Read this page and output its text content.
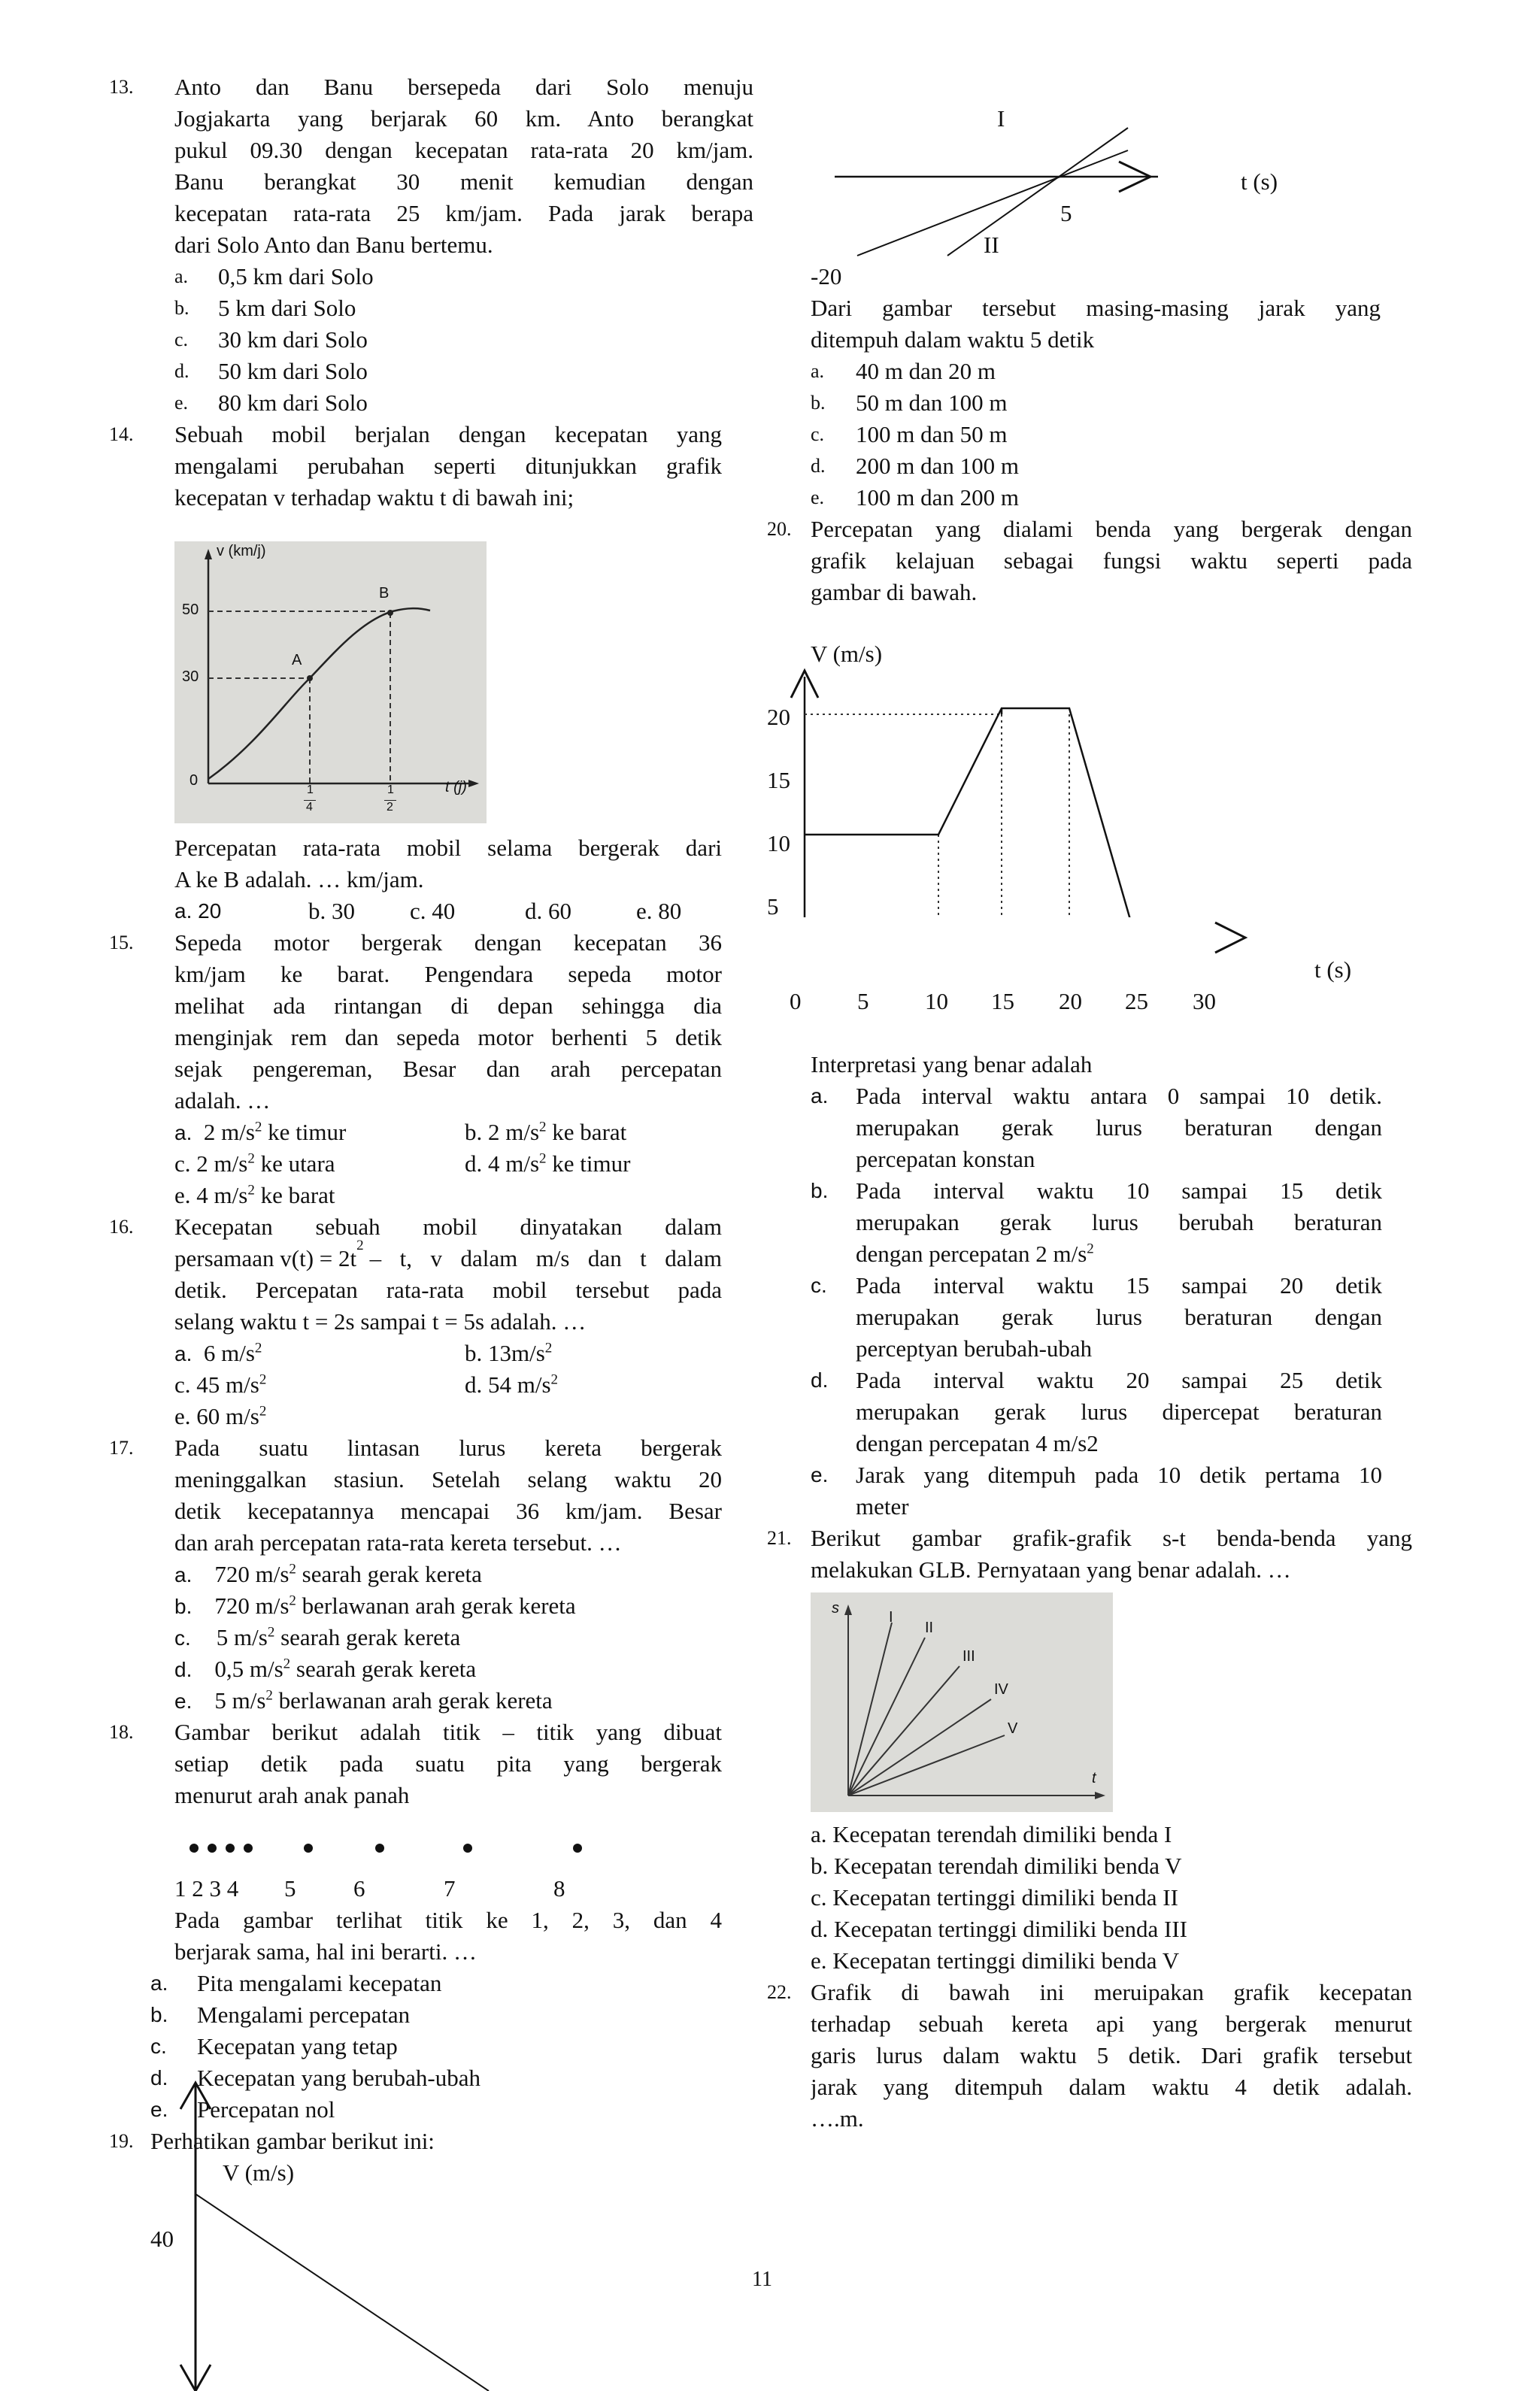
13. Anto dan Banu bersepeda dari Solo menuju
Jogjakarta yang berjarak 60 km. Anto berangkat
pukul 09.30 dengan kecepatan rata-rata 20 km/jam.
Banu berangkat 30 menit kemudian dengan
kecepatan rata-rata 25 km/jam. Pada jarak berapa
dari Solo Anto dan Banu bertemu.
a. 0,5 km dari Solo
b. 5 km dari Solo
c. 30 km dari Solo
d. 50 km dari Solo
e. 80 km dari Solo
14. Sebuah mobil berjalan dengan kecepatan yang
mengalami perubahan seperti ditunjukkan grafik
kecepatan v terhadap waktu t di bawah ini;
v (km/j)
50
30
0
A
B
1
4
1
2
t (j)
Percepatan rata-rata mobil selama bergerak dari
A ke B adalah. … km/jam.
a. 20	b. 30 c. 40	d. 60	e. 80
15. Sepeda motor bergerak dengan kecepatan 36
km/jam ke barat. Pengendara sepeda motor
melihat ada rintangan di depan sehingga dia
menginjak rem dan sepeda motor berhenti 5 detik
sejak pengereman, Besar dan arah percepatan
adalah. …
a. 2 $m/s^2$ ke timur	b. 2 $m/s^2$ ke barat
c. 2 $m/s^2$ ke utara	d. 4 $m/s^2$ ke timur
e. 4 $m/s^2$ ke barat
16. Kecepatan sebuah mobil dinyatakan dalam
persamaan v(t) = 2t 2 – t, v dalam m/s dan t dalam
detik. Percepatan rata-rata mobil tersebut pada
selang waktu t = 2s sampai t = 5s adalah. …
a. 6 $m/s^2$	b. $13m/s^2$
c. 45 $m/s^2$	d. 54 $m/s^2$
e. 60 $m/s^2$
17. Pada suatu lintasan lurus kereta bergerak
meninggalkan stasiun. Setelah selang waktu 20
detik kecepatannya mencapai 36 km/jam. Besar
dan arah percepatan rata-rata kereta tersebut. …
a. 720 $m/s^2$ searah gerak kereta
b. 720 $m/s^2$ berlawanan arah gerak kereta
c. 5 $m/s^2$ searah gerak kereta
d. 0,5 $m/s^2$ searah gerak kereta
e. 5 $m/s^2$ berlawanan arah gerak kereta
18. Gambar berikut adalah titik – titik yang dibuat
setiap detik pada suatu pita yang bergerak
menurut arah anak panah
1 2 3 4 5 6	7	8
Pada gambar terlihat titik ke 1, 2, 3, dan 4
berjarak sama, hal ini berarti. …
a. Pita mengalami kecepatan
b. Mengalami percepatan
c. Kecepatan yang tetap
d. Kecepatan yang berubah-ubah
e. Percepatan nol
19. Perhatikan gambar berikut ini:
V (m/s)
40
11
I
t (s)
5
II
-20
Dari gambar tersebut masing-masing jarak yang
ditempuh dalam waktu 5 detik
a. 40 m dan 20 m
b. 50 m dan 100 m
c. 100 m dan 50 m
d. 200 m dan 100 m
e. 100 m dan 200 m
20. Percepatan yang dialami benda yang bergerak dengan
grafik kelajuan sebagai fungsi waktu seperti pada
gambar di bawah.
V (m/s)
20
15
10
5
t (s)
0 5 10 15 20 25 30
Interpretasi yang benar adalah
a. Pada interval waktu antara 0 sampai 10 detik.
merupakan gerak lurus beraturan dengan
percepatan konstan
b. Pada interval waktu 10 sampai 15 detik
merupakan gerak lurus berubah beraturan
dengan percepatan 2 $m/s^2$
c. Pada interval waktu 15 sampai 20 detik
merupakan gerak lurus beraturan dengan
perceptyan berubah-ubah
d. Pada interval waktu 20 sampai 25 detik
merupakan gerak lurus dipercepat beraturan
dengan percepatan 4 m/s2
e. Jarak yang ditempuh pada 10 detik pertama 10
meter
21. Berikut gambar grafik-grafik s-t benda-benda yang
melakukan GLB. Pernyataan yang benar adalah. …
s
t
I
II
III
IV
V
a. Kecepatan terendah dimiliki benda I
b. Kecepatan terendah dimiliki benda V
c. Kecepatan tertinggi dimiliki benda II
d. Kecepatan tertinggi dimiliki benda III
e. Kecepatan tertinggi dimiliki benda V
22. Grafik di bawah ini meruipakan grafik kecepatan
terhadap sebuah kereta api yang bergerak menurut
garis lurus dalam waktu 5 detik. Dari grafik tersebut
jarak yang ditempuh dalam waktu 4 detik adalah.
….m.
